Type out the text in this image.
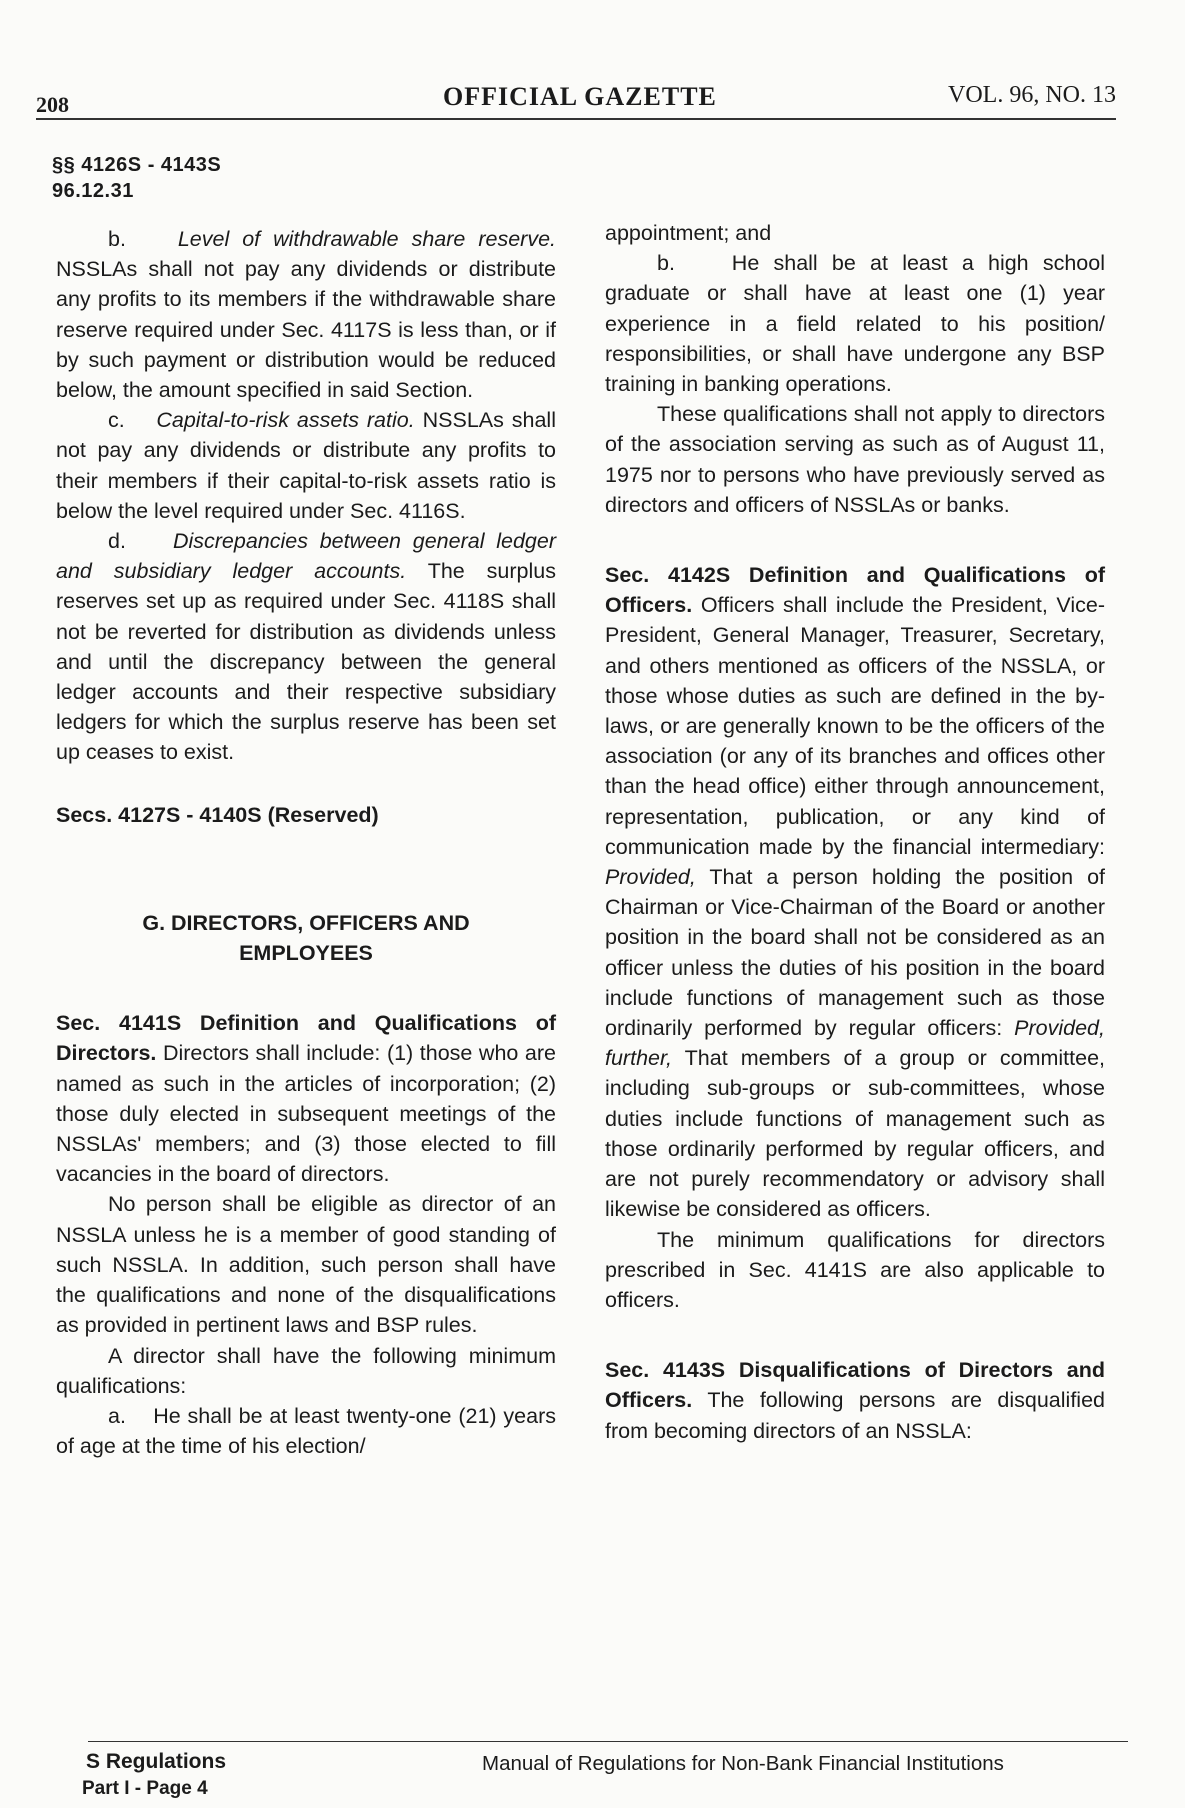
208	OFFICIAL GAZETTE	VOL. 96, NO. 13
§§ 4126S - 4143S
96.12.31

b. Level of withdrawable share reserve. NSSLAs shall not pay any dividends or distribute any profits to its members if the withdrawable share reserve required under Sec. 4117S is less than, or if by such payment or distribution would be reduced below, the amount specified in said Section.

c. Capital-to-risk assets ratio. NSSLAs shall not pay any dividends or distribute any profits to their members if their capital-to-risk assets ratio is below the level required under Sec. 4116S.

d. Discrepancies between general ledger and subsidiary ledger accounts. The surplus reserves set up as required under Sec. 4118S shall not be reverted for distribution as dividends unless and until the discrepancy between the general ledger accounts and their respective subsidiary ledgers for which the surplus reserve has been set up ceases to exist.

Secs. 4127S - 4140S (Reserved)

G. DIRECTORS, OFFICERS AND
EMPLOYEES

Sec. 4141S Definition and Qualifications of Directors. Directors shall include: (1) those who are named as such in the articles of incorporation; (2) those duly elected in subsequent meetings of the NSSLAs' members; and (3) those elected to fill vacancies in the board of directors.

No person shall be eligible as director of an NSSLA unless he is a member of good standing of such NSSLA. In addition, such person shall have the qualifications and none of the disqualifications as provided in pertinent laws and BSP rules.

A director shall have the following minimum qualifications:

a. He shall be at least twenty-one (21) years of age at the time of his election/

appointment; and

b.	He shall be at least a high school graduate or shall have at least one (1) year experience in a field related to his position/ responsibilities, or shall have undergone any BSP training in banking operations.

These qualifications shall not apply to directors of the association serving as such as of August 11, 1975 nor to persons who have previously served as directors and officers of NSSLAs or banks.

Sec. 4142S Definition and Qualifications of Officers. Officers shall include the President, Vice-President, General Manager, Treasurer, Secretary, and others mentioned as officers of the NSSLA, or those whose duties as such are defined in the by-laws, or are generally known to be the officers of the association (or any of its branches and offices other than the head office) either through announcement, representation, publication, or any kind of communication made by the financial intermediary: Provided, That a person holding the position of Chairman or Vice-Chairman of the Board or another position in the board shall not be considered as an officer unless the duties of his position in the board include functions of management such as those ordinarily performed by regular officers: Provided, further, That members of a group or committee, including sub-groups or sub-committees, whose duties include functions of management such as those ordinarily performed by regular officers, and are not purely recommendatory or advisory shall likewise be considered as officers.

The minimum qualifications for directors prescribed in Sec. 4141S are also applicable to officers.

Sec. 4143S Disqualifications of Directors and Officers. The following persons are disqualified from becoming directors of an NSSLA:

S Regulations
Part I - Page 4
Manual of Regulations for Non-Bank Financial Institutions
